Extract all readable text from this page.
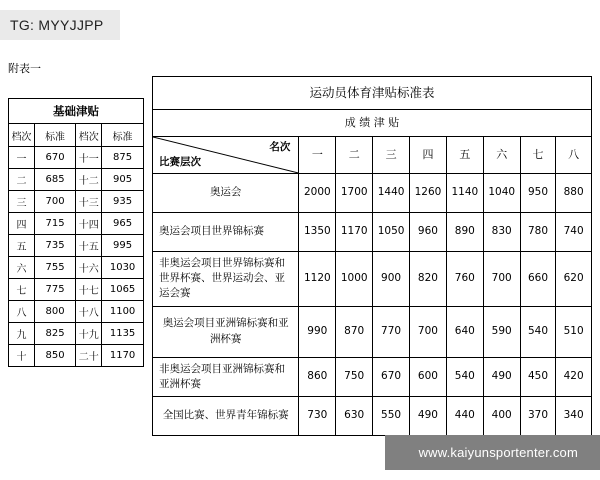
TG: MYYJJPP
附表一
基础津贴			
档次	标准	档次	标准
一	670	十一	875
二	685	十二	905
三	700	十三	935
四	715	十四	965
五	735	十五	995
六	755	十六	1030
七	775	十七	1065
八	800	十八	1100
九	825	十九	1135
十	850	二十	1170
运动员体育津贴标准表								
成 绩 津 贴								

名次
比赛层次	一	二	三	四	五	六	七	八
奥运会	2000	1700	1440	1260	1140	1040	950	880
奥运会项目世界锦标赛	1350	1170	1050	960	890	830	780	740
非奥运会项目世界锦标赛和世界杯赛、世界运动会、亚运会赛	1120	1000	900	820	760	700	660	620
奥运会项目亚洲锦标赛和亚洲杯赛	990	870	770	700	640	590	540	510
非奥运会项目亚洲锦标赛和亚洲杯赛	860	750	670	600	540	490	450	420
全国比赛、世界青年锦标赛	730	630	550	490	440	400	370	340
www.kaiyunsportenter.com
